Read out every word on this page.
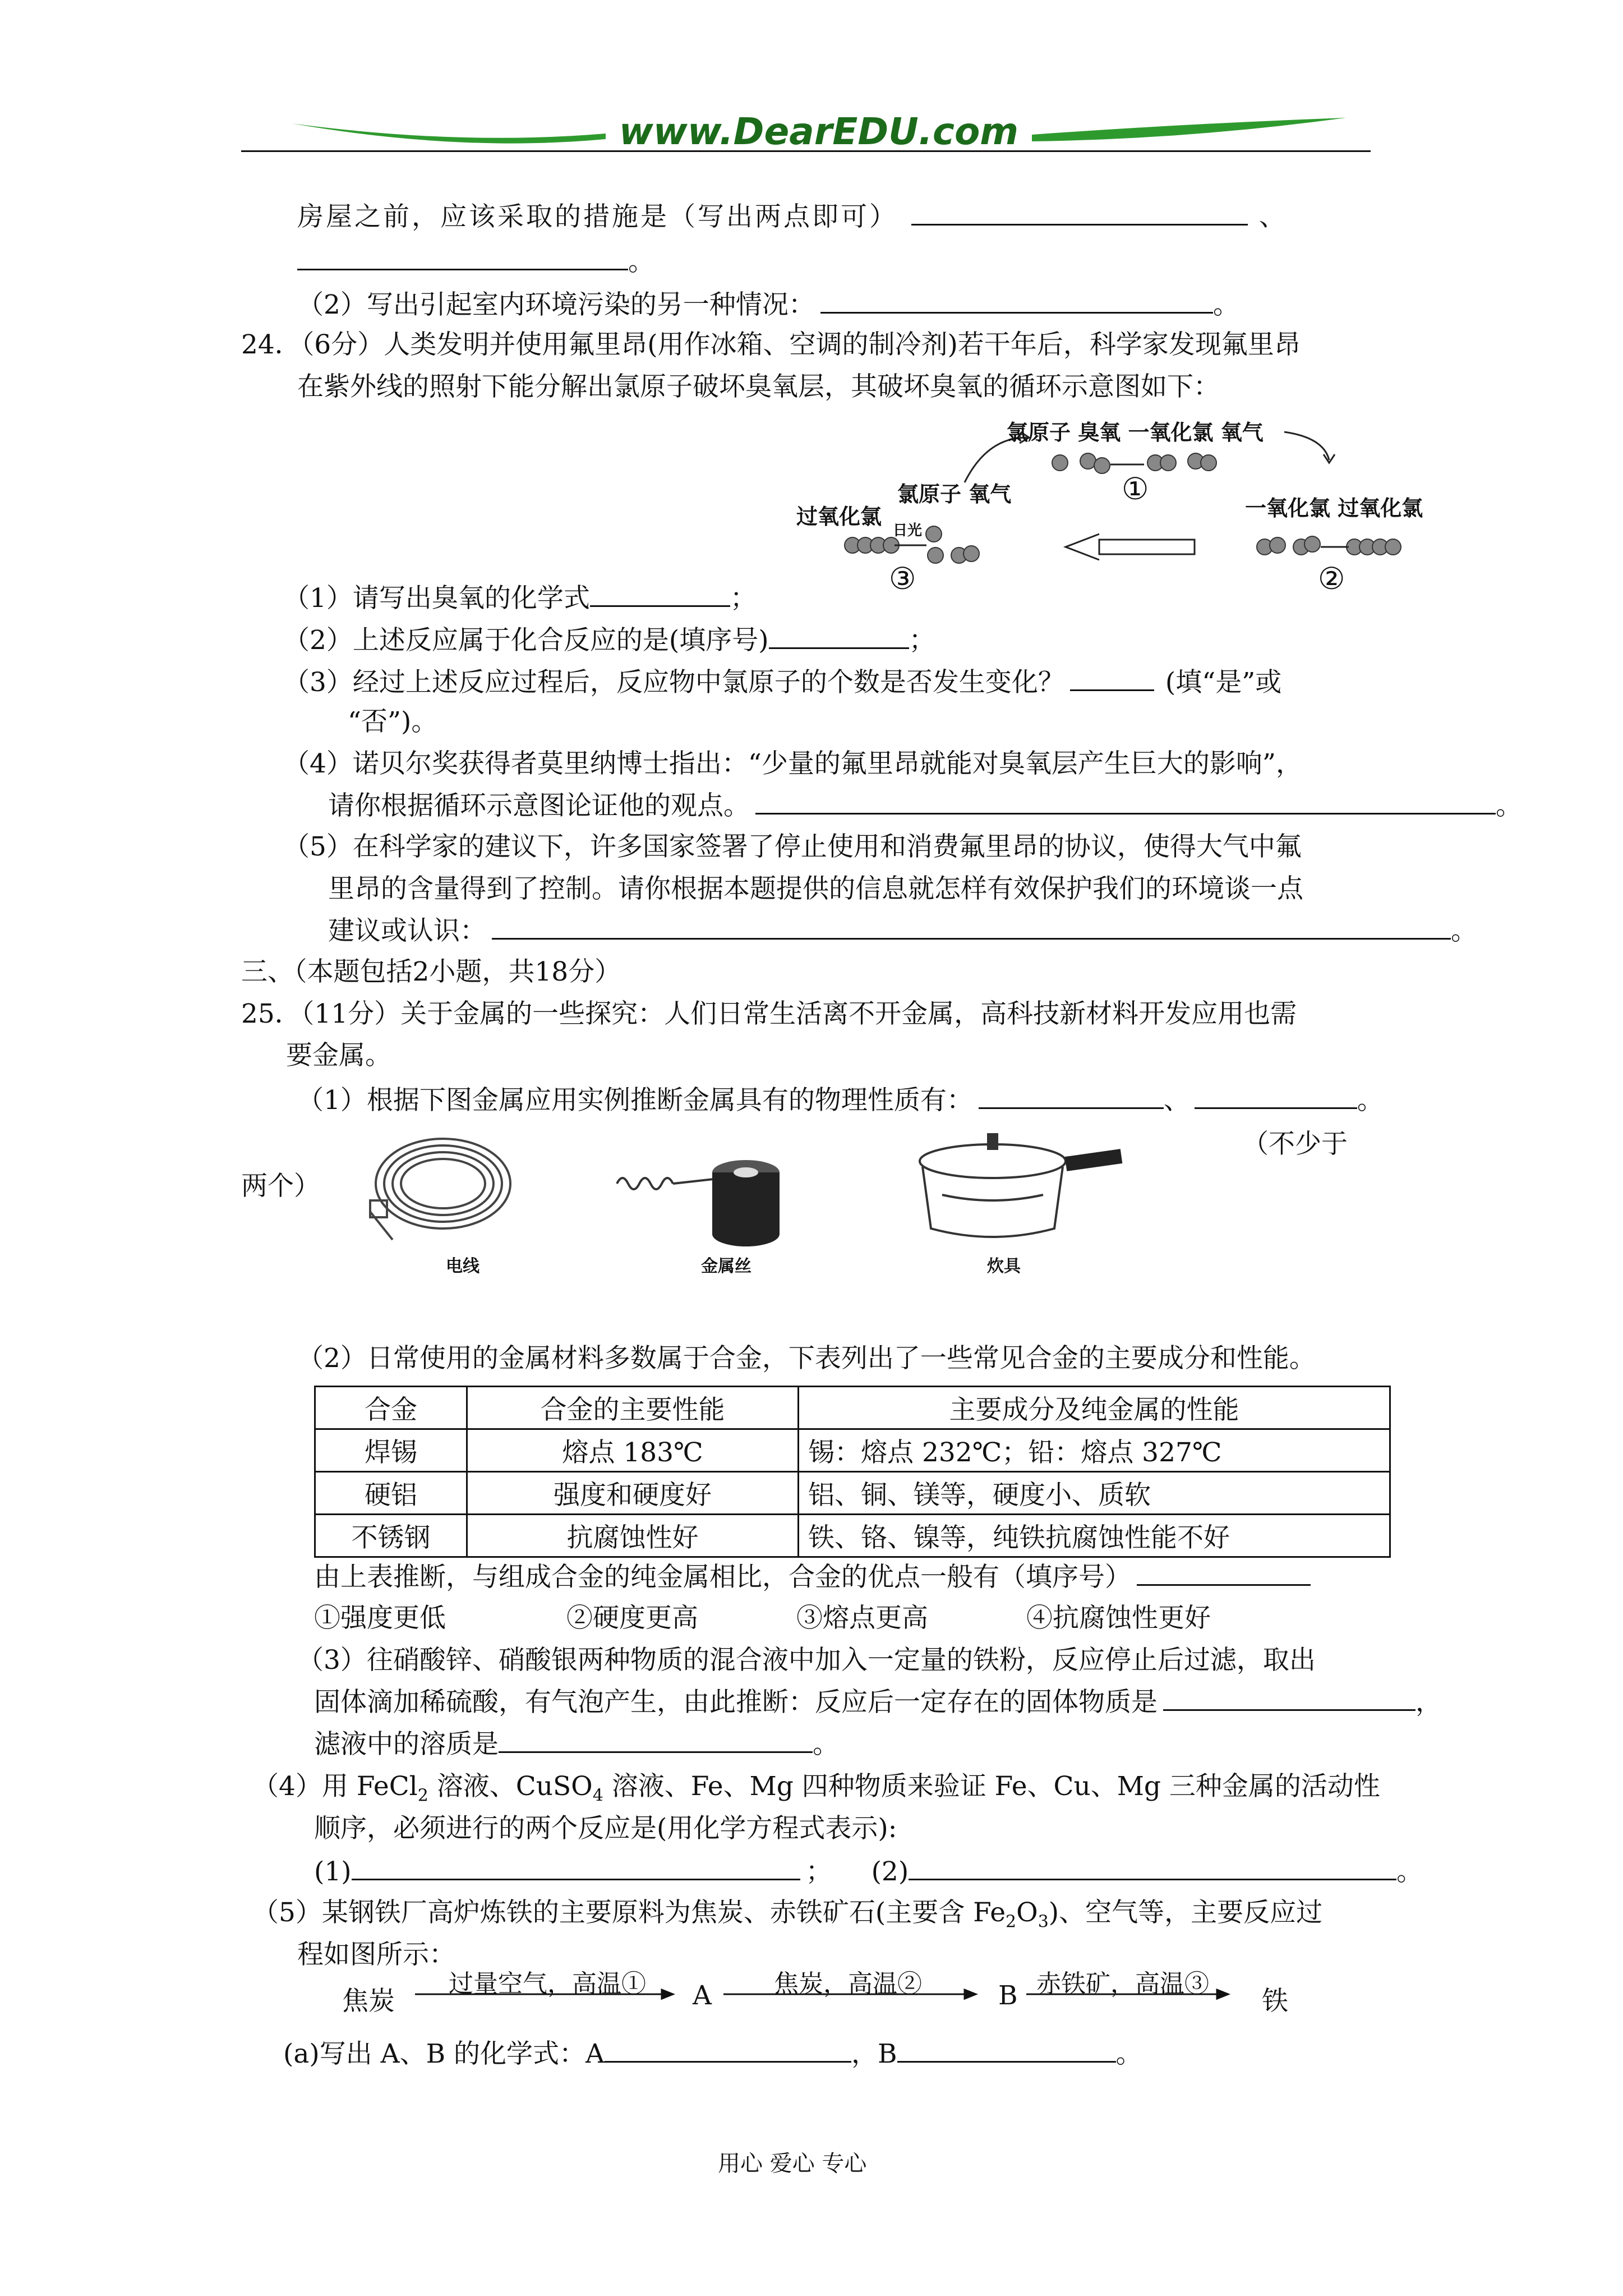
www.DearEDU.com
房屋之前，应该采取的措施是（写出两点即可）	、
。
（2）写出引起室内环境污染的另一种情况：	。
24．（6分）人类发明并使用氟里昂(用作冰箱、空调的制冷剂)若干年后，科学家发现氟里昂
在紫外线的照射下能分解出氯原子破坏臭氧层，其破坏臭氧的循环示意图如下：
氯原子 臭氧 一氧化氯 氧气
氯原子 氧气
过氧化氯
日光
一氧化氯 过氧化氯
①
②
③
（1）请写出臭氧的化学式	；
（2）上述反应属于化合反应的是(填序号)	；
（3）经过上述反应过程后，反应物中氯原子的个数是否发生变化？	(填“是”或
“否”)。
（4）诺贝尔奖获得者莫里纳博士指出：“少量的氟里昂就能对臭氧层产生巨大的影响”，
请你根据循环示意图论证他的观点。	。
（5）在科学家的建议下，许多国家签署了停止使用和消费氟里昂的协议，使得大气中氟
里昂的含量得到了控制。请你根据本题提供的信息就怎样有效保护我们的环境谈一点
建议或认识：	。
三、（本题包括2小题，共18分）
25．（11分）关于金属的一些探究：人们日常生活离不开金属，高科技新材料开发应用也需
要金属。
（1）根据下图金属应用实例推断金属具有的物理性质有：	、	。
（不少于
两个）
电线	金属丝	炊具
（2）日常使用的金属材料多数属于合金，下表列出了一些常见合金的主要成分和性能。
合金	合金的主要性能	主要成分及纯金属的性能
焊锡	熔点 183℃	锡：熔点 232℃；铅：熔点 327℃
硬铝	强度和硬度好	铝、铜、镁等，硬度小、质软
不锈钢	抗腐蚀性好	铁、铬、镍等，纯铁抗腐蚀性能不好
由上表推断，与组成合金的纯金属相比，合金的优点一般有（填序号）
①强度更低	②硬度更高	③熔点更高	④抗腐蚀性更好
（3）往硝酸锌、硝酸银两种物质的混合液中加入一定量的铁粉，反应停止后过滤，取出
固体滴加稀硫酸，有气泡产生，由此推断：反应后一定存在的固体物质是	，
滤液中的溶质是	。
（4）用 FeCl$_2$ 溶液、CuSO$_4$ 溶液、Fe、Mg 四种物质来验证 Fe、Cu、Mg 三种金属的活动性
顺序，必须进行的两个反应是(用化学方程式表示):
(1)	； (2)	。
（5）某钢铁厂高炉炼铁的主要原料为焦炭、赤铁矿石(主要含 $Fe_2O_3$)、空气等，主要反应过
程如图所示：
焦炭
过量空气，高温① A	焦炭，高温②	B 赤铁矿，高温③
铁
(a)写出 A、B 的化学式：A	，B	。
用心 爱心 专心
